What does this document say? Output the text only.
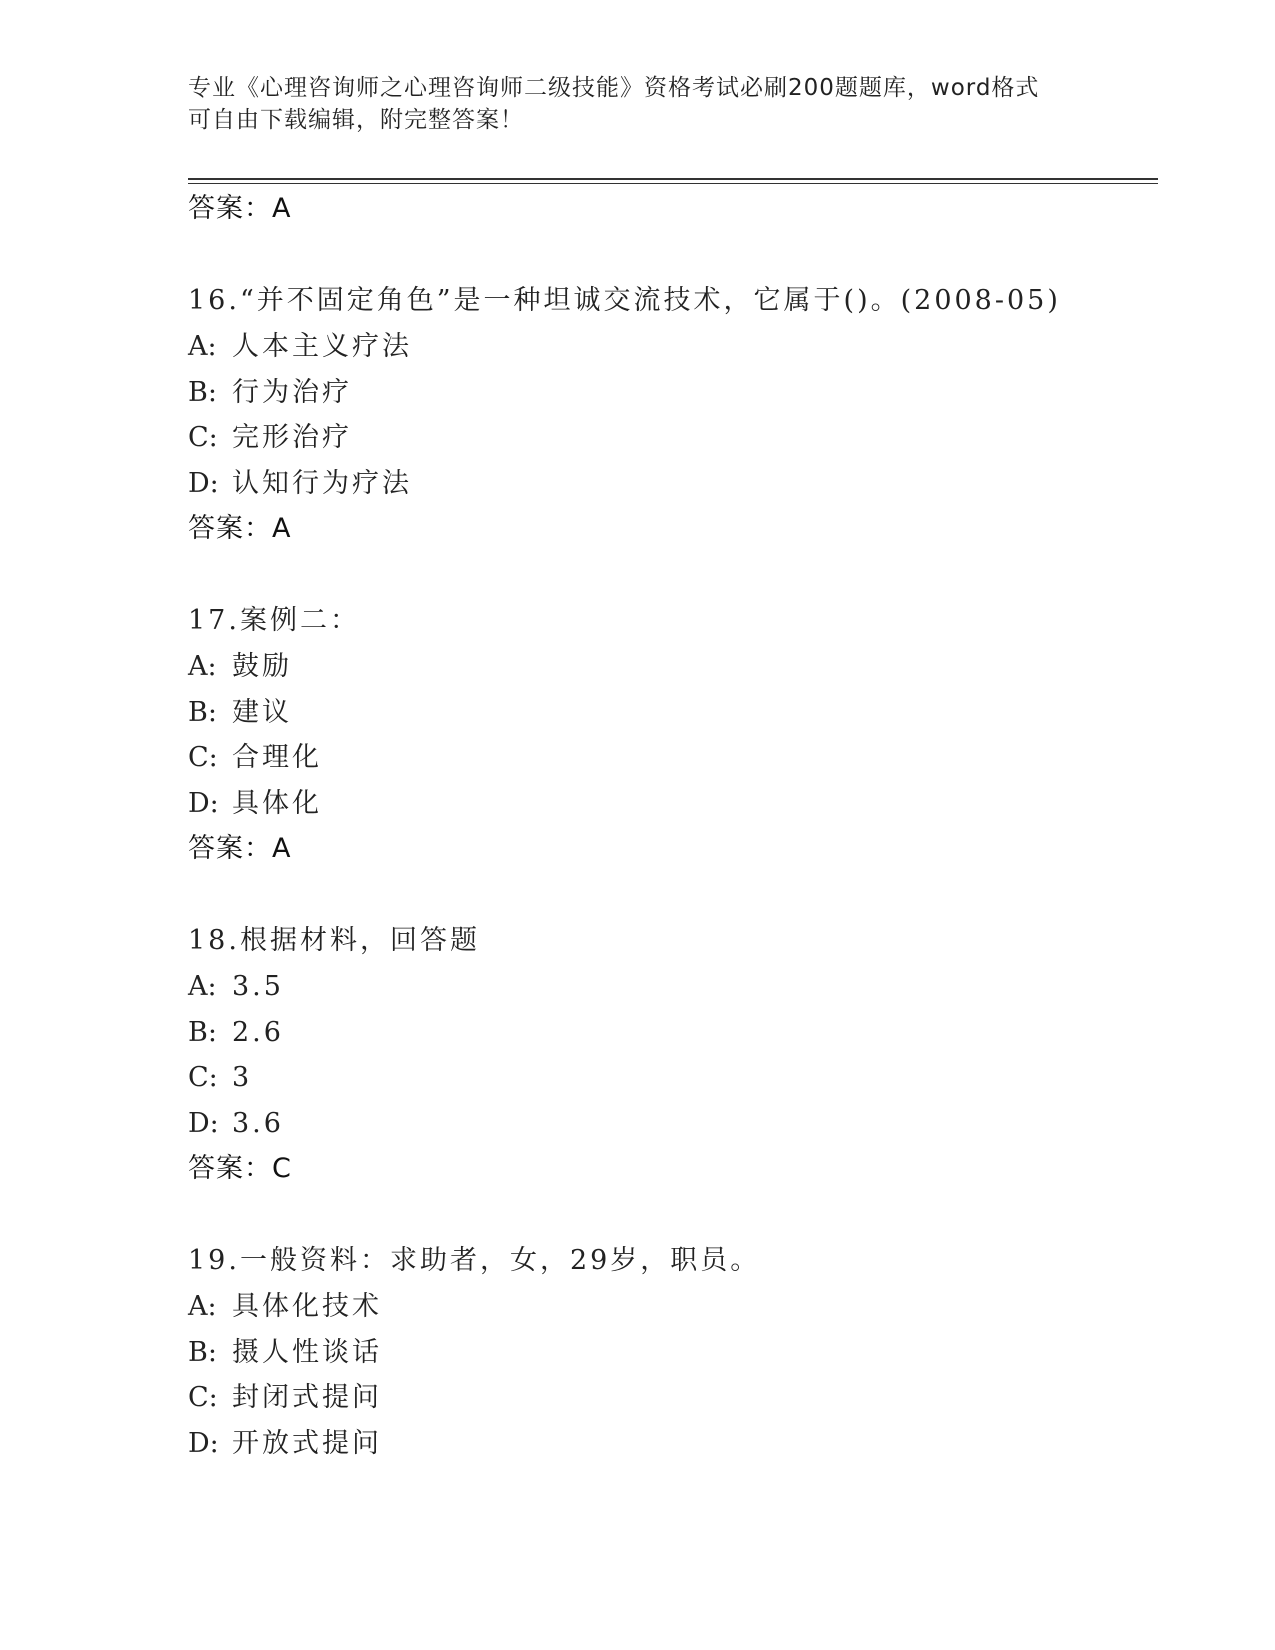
专业《心理咨询师之心理咨询师二级技能》资格考试必刷200题题库，word格式
可自由下载编辑，附完整答案！
答案：A
16.“并不固定角色”是一种坦诚交流技术，它属于()。(2008-05)
A: 人本主义疗法
B: 行为治疗
C: 完形治疗
D: 认知行为疗法
答案：A
17.案例二：
A: 鼓励
B: 建议
C: 合理化
D: 具体化
答案：A
18.根据材料，回答题
A: 3.5
B: 2.6
C: 3
D: 3.6
答案：C
19.一般资料：求助者，女，29岁，职员。
A: 具体化技术
B: 摄人性谈话
C: 封闭式提问
D: 开放式提问
